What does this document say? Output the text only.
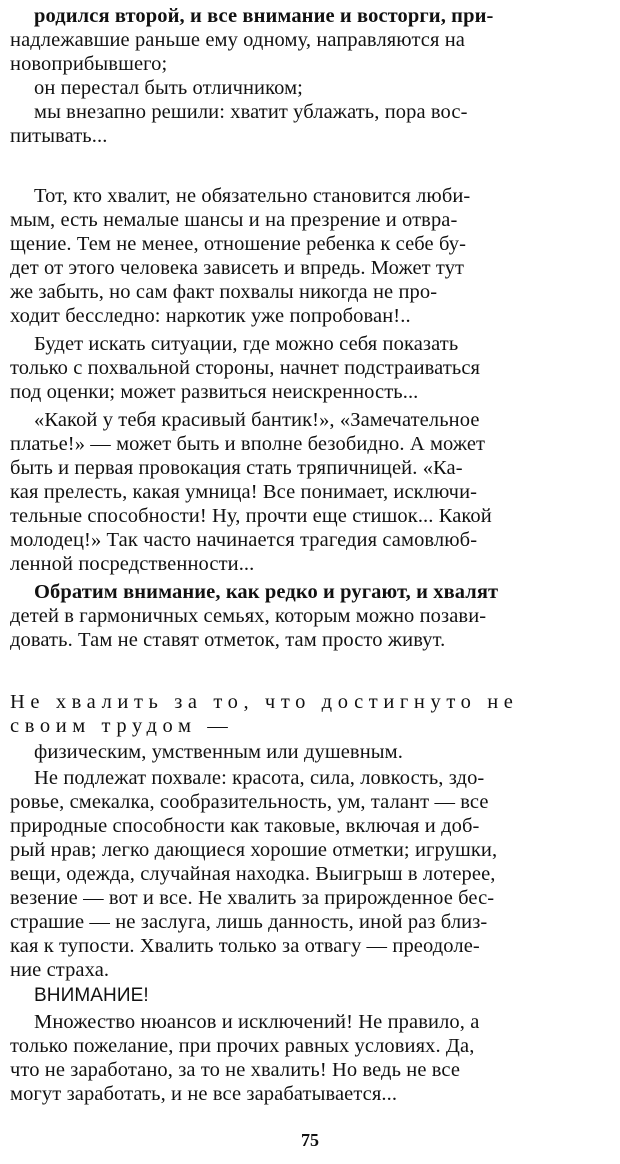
родился второй, и все внимание и восторги, при-
надлежавшие раньше ему одному, направляются на
новоприбывшего;
он перестал быть отличником;
мы внезапно решили: хватит ублажать, пора вос-
питывать...
Тот, кто хвалит, не обязательно становится люби-
мым, есть немалые шансы и на презрение и отвра-
щение. Тем не менее, отношение ребенка к себе бу-
дет от этого человека зависеть и впредь. Может тут
же забыть, но сам факт похвалы никогда не про-
ходит бесследно: наркотик уже попробован!..
Будет искать ситуации, где можно себя показать
только с похвальной стороны, начнет подстраиваться
под оценки; может развиться неискренность...
«Какой у тебя красивый бантик!», «Замечательное
платье!» — может быть и вполне безобидно. А может
быть и первая провокация стать тряпичницей. «Ка-
кая прелесть, какая умница! Все понимает, исключи-
тельные способности! Ну, прочти еще стишок... Какой
молодец!» Так часто начинается трагедия самовлюб-
ленной посредственности...
Обратим внимание, как редко и ругают, и хвалят
детей в гармоничных семьях, которым можно позави-
довать. Там не ставят отметок, там просто живут.
Не хвалить за то, что достигнуто не
своим трудом —
физическим, умственным или душевным.
Не подлежат похвале: красота, сила, ловкость, здо-
ровье, смекалка, сообразительность, ум, талант — все
природные способности как таковые, включая и доб-
рый нрав; легко дающиеся хорошие отметки; игрушки,
вещи, одежда, случайная находка. Выигрыш в лотерее,
везение — вот и все. Не хвалить за прирожденное бес-
страшие — не заслуга, лишь данность, иной раз близ-
кая к тупости. Хвалить только за отвагу — преодоле-
ние страха.
ВНИМАНИЕ!
Множество нюансов и исключений! Не правило, а
только пожелание, при прочих равных условиях. Да,
что не заработано, за то не хвалить! Но ведь не все
могут заработать, и не все зарабатывается...
75
